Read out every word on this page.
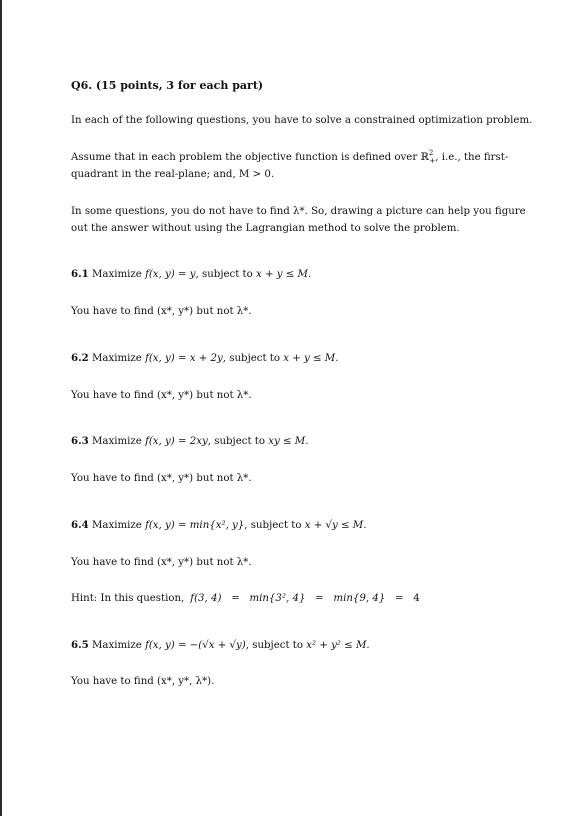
Q6. (15 points, 3 for each part)
In each of the following questions, you have to solve a constrained optimization problem.
Assume that in each problem the objective function is defined over ℝ$^2_+$, i.e., the first-
quadrant in the real-plane; and, M > 0.
In some questions, you do not have to find λ*. So, drawing a picture can help you figure
out the answer without using the Lagrangian method to solve the problem.
6.1 Maximize f(x, y) = y, subject to x + y ≤ M.
You have to find (x*, y*) but not λ*.
6.2 Maximize f(x, y) = x + 2y, subject to x + y ≤ M.
You have to find (x*, y*) but not λ*.
6.3 Maximize f(x, y) = 2xy, subject to xy ≤ M.
You have to find (x*, y*) but not λ*.
6.4 Maximize f(x, y) = min{x², y}, subject to x + √y ≤ M.
You have to find (x*, y*) but not λ*.
Hint: In this question, f(3, 4) = min{3², 4} = min{9, 4} = 4
6.5 Maximize f(x, y) = −(√x + √y), subject to x² + y² ≤ M.
You have to find (x*, y*, λ*).
